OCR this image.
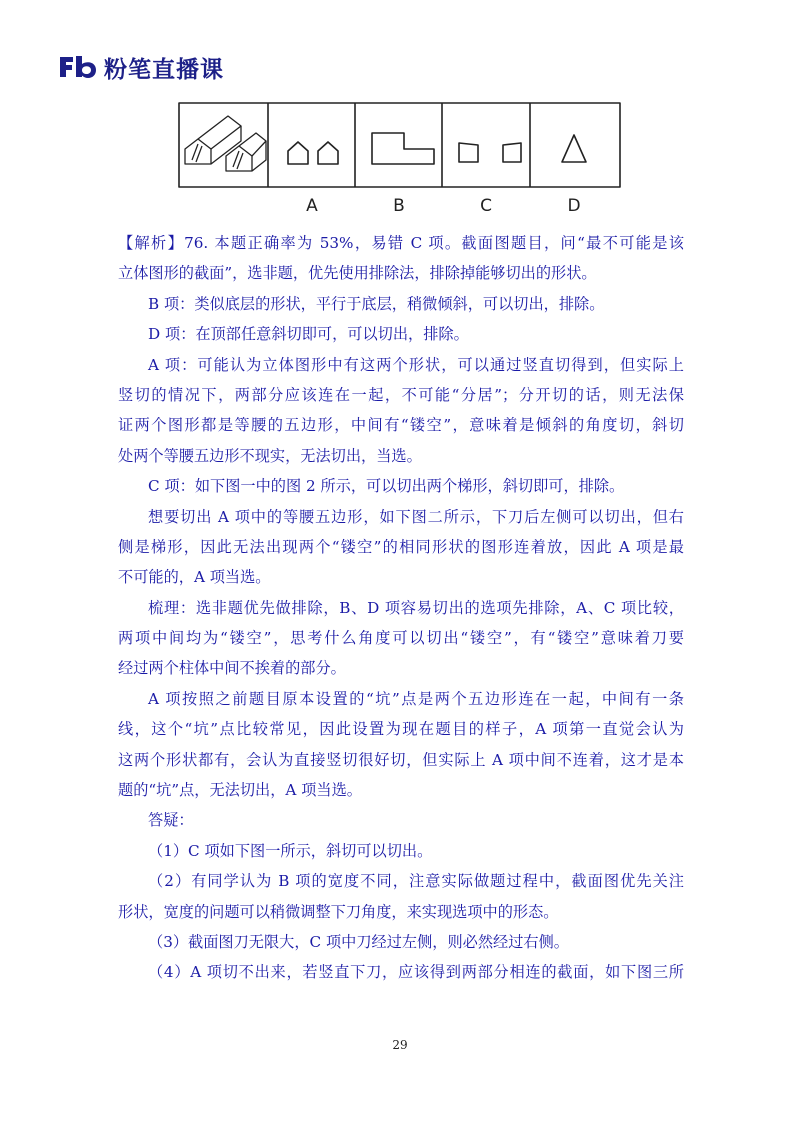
粉笔直播课
A	B	C	D
【解析】76. 本题正确率为 53%，易错 C 项。截面图题目，问“最不可能是该
立体图形的截面”，选非题，优先使用排除法，排除掉能够切出的形状。
B 项：类似底层的形状，平行于底层，稍微倾斜，可以切出，排除。
D 项：在顶部任意斜切即可，可以切出，排除。
A 项：可能认为立体图形中有这两个形状，可以通过竖直切得到，但实际上
竖切的情况下，两部分应该连在一起，不可能“分居”；分开切的话，则无法保
证两个图形都是等腰的五边形，中间有“镂空”，意味着是倾斜的角度切，斜切
处两个等腰五边形不现实，无法切出，当选。
C 项：如下图一中的图 2 所示，可以切出两个梯形，斜切即可，排除。
想要切出 A 项中的等腰五边形，如下图二所示，下刀后左侧可以切出，但右
侧是梯形，因此无法出现两个“镂空”的相同形状的图形连着放，因此 A 项是最
不可能的，A 项当选。
梳理：选非题优先做排除，B、D 项容易切出的选项先排除，A、C 项比较，
两项中间均为“镂空”，思考什么角度可以切出“镂空”，有“镂空”意味着刀要
经过两个柱体中间不挨着的部分。
A 项按照之前题目原本设置的“坑”点是两个五边形连在一起，中间有一条
线，这个“坑”点比较常见，因此设置为现在题目的样子，A 项第一直觉会认为
这两个形状都有，会认为直接竖切很好切，但实际上 A 项中间不连着，这才是本
题的“坑”点，无法切出，A 项当选。
答疑：
（1）C 项如下图一所示，斜切可以切出。
（2）有同学认为 B 项的宽度不同，注意实际做题过程中，截面图优先关注
形状，宽度的问题可以稍微调整下刀角度，来实现选项中的形态。
（3）截面图刀无限大，C 项中刀经过左侧，则必然经过右侧。
（4）A 项切不出来，若竖直下刀，应该得到两部分相连的截面，如下图三所
29
